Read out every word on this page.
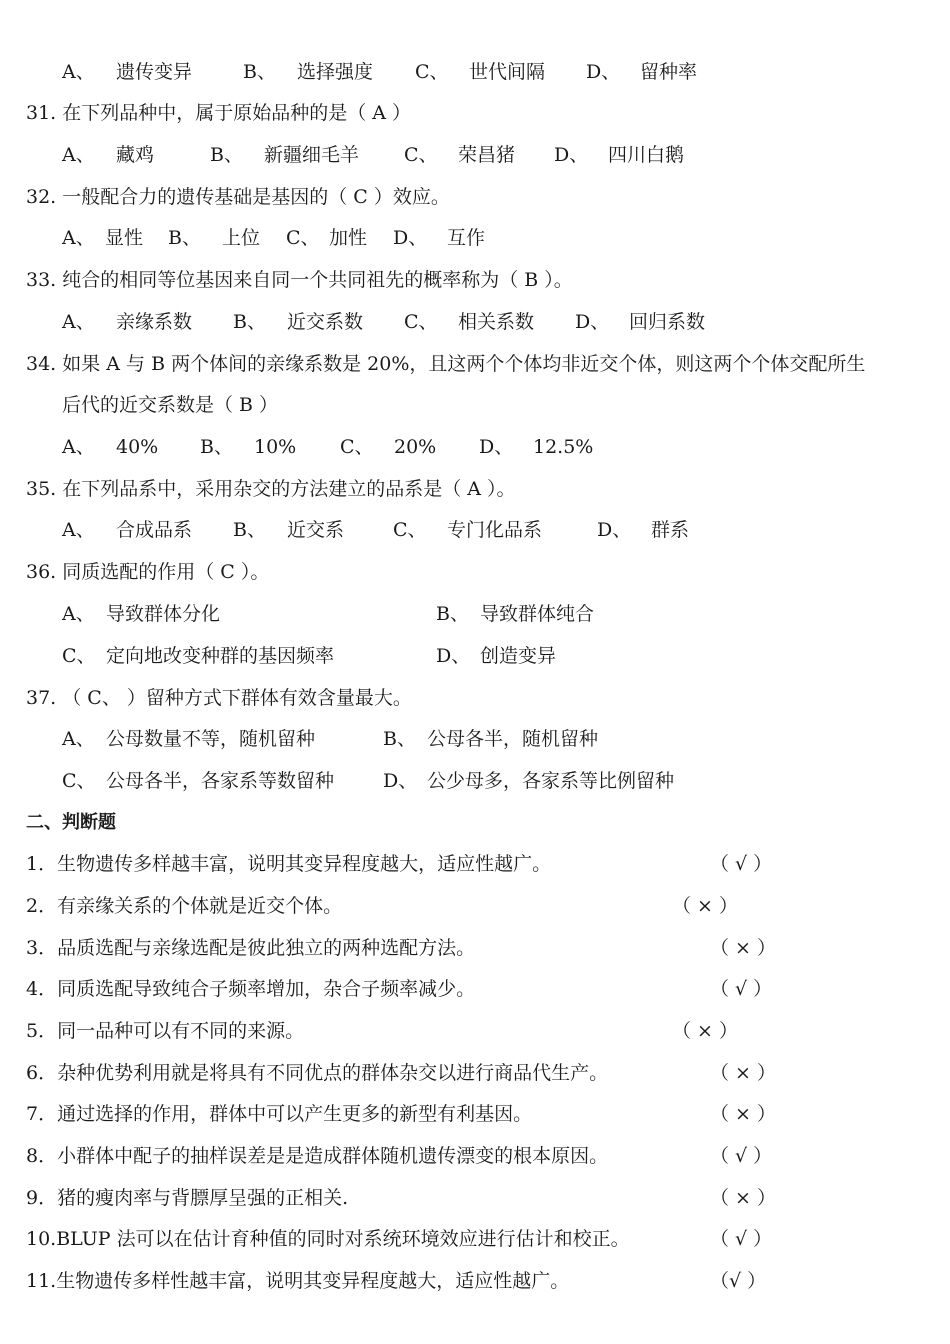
A、 遗传变异	B、 选择强度 C、 世代间隔 D、 留种率
31. 在下列品种中，属于原始品种的是（ A ）
A、 藏鸡	B、 新疆细毛羊 C、 荣昌猪 D、 四川白鹅
32. 一般配合力的遗传基础是基因的（ C ）效应。
A、 显性 B、 上位 C、 加性 D、 互作
33. 纯合的相同等位基因来自同一个共同祖先的概率称为（ B ）。
A、 亲缘系数 B、 近交系数 C、 相关系数 D、 回归系数
34. 如果 A 与 B 两个体间的亲缘系数是 20%，且这两个个体均非近交个体，则这两个个体交配所生
后代的近交系数是（ B ）
A、 40% B、 10% C、 20% D、 12.5%
35. 在下列品系中，采用杂交的方法建立的品系是（ A ）。
A、 合成品系 B、 近交系	C、 专门化品系	D、 群系
36. 同质选配的作用（ C ）。
A、 导致群体分化	B、 导致群体纯合
C、 定向地改变种群的基因频率	D、 创造变异
37. （ C、 ）留种方式下群体有效含量最大。
A、 公母数量不等，随机留种	B、 公母各半，随机留种
C、 公母各半，各家系等数留种	D、 公少母多，各家系等比例留种
二、判断题
1．生物遗传多样越丰富，说明其变异程度越大，适应性越广。	（ √ ）
2．有亲缘关系的个体就是近交个体。	（ × ）
3．品质选配与亲缘选配是彼此独立的两种选配方法。	（ × ）
4．同质选配导致纯合子频率增加，杂合子频率减少。	（ √ ）
5．同一品种可以有不同的来源。	（ × ）
6．杂种优势利用就是将具有不同优点的群体杂交以进行商品代生产。	（ × ）
7．通过选择的作用，群体中可以产生更多的新型有利基因。	（ × ）
8．小群体中配子的抽样误差是是造成群体随机遗传漂变的根本原因。	（ √ ）
9．猪的瘦肉率与背膘厚呈强的正相关.	（ × ）
10.BLUP 法可以在估计育种值的同时对系统环境效应进行估计和校正。	（ √ ）
11.生物遗传多样性越丰富，说明其变异程度越大，适应性越广。	（√ ）
